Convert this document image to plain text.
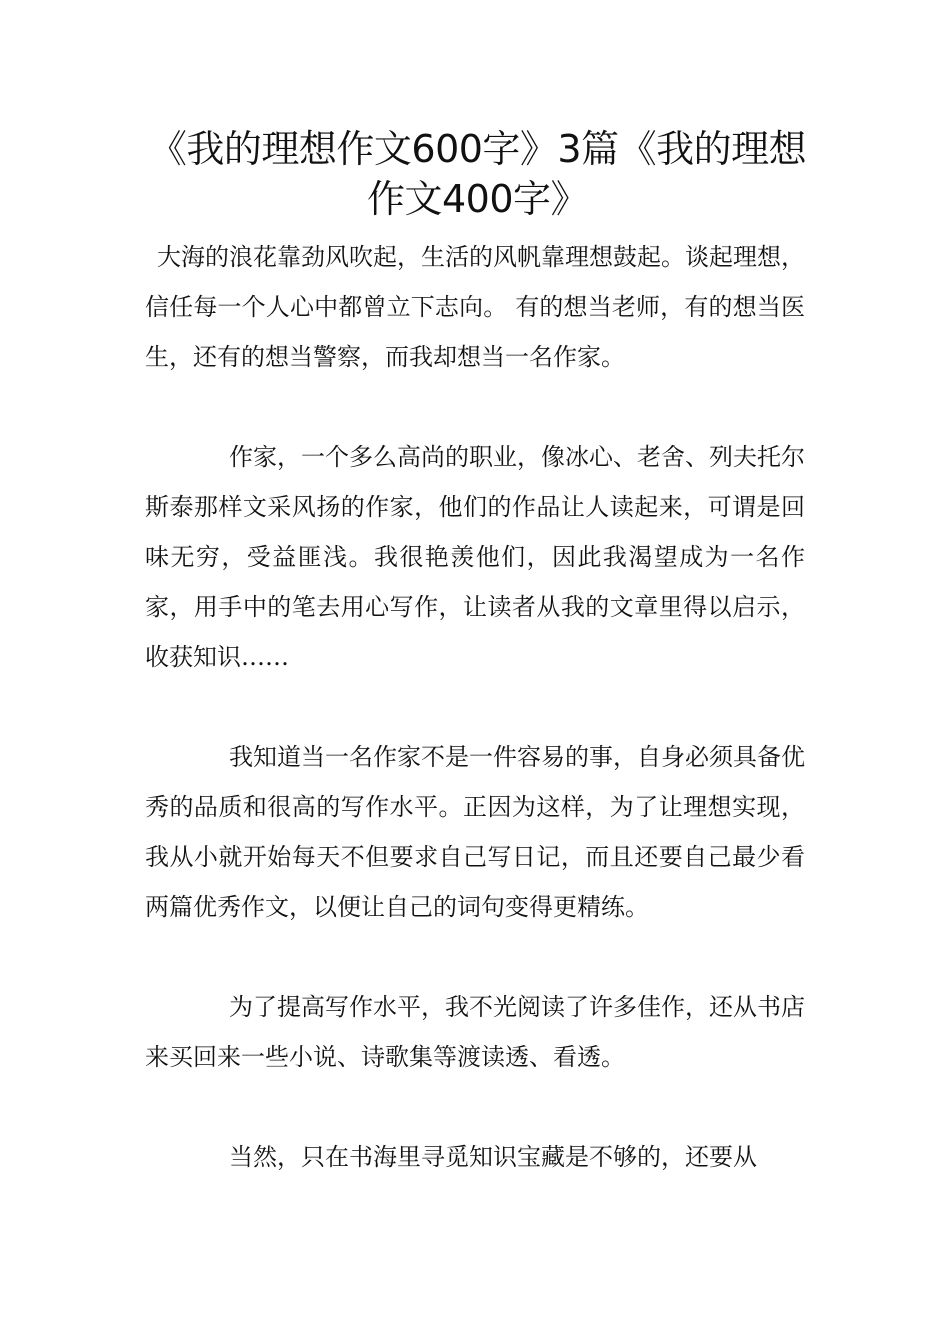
《我的理想作文600字》3篇《我的理想作文400字》

大海的浪花靠劲风吹起，生活的风帆靠理想鼓起。谈起理想，信任每一个人心中都曾立下志向。 有的想当老师，有的想当医生，还有的想当警察，而我却想当一名作家。

作家，一个多么高尚的职业，像冰心、老舍、列夫托尔斯泰那样文采风扬的作家，他们的作品让人读起来，可谓是回味无穷，受益匪浅。我很艳羡他们，因此我渴望成为一名作家，用手中的笔去用心写作，让读者从我的文章里得以启示，收获知识……

我知道当一名作家不是一件容易的事，自身必须具备优秀的品质和很高的写作水平。正因为这样，为了让理想实现，我从小就开始每天不但要求自己写日记，而且还要自己最少看两篇优秀作文，以便让自己的词句变得更精练。

为了提高写作水平，我不光阅读了许多佳作，还从书店来买回来一些小说、诗歌集等渡读透、看透。

当然，只在书海里寻觅知识宝藏是不够的，还要从
